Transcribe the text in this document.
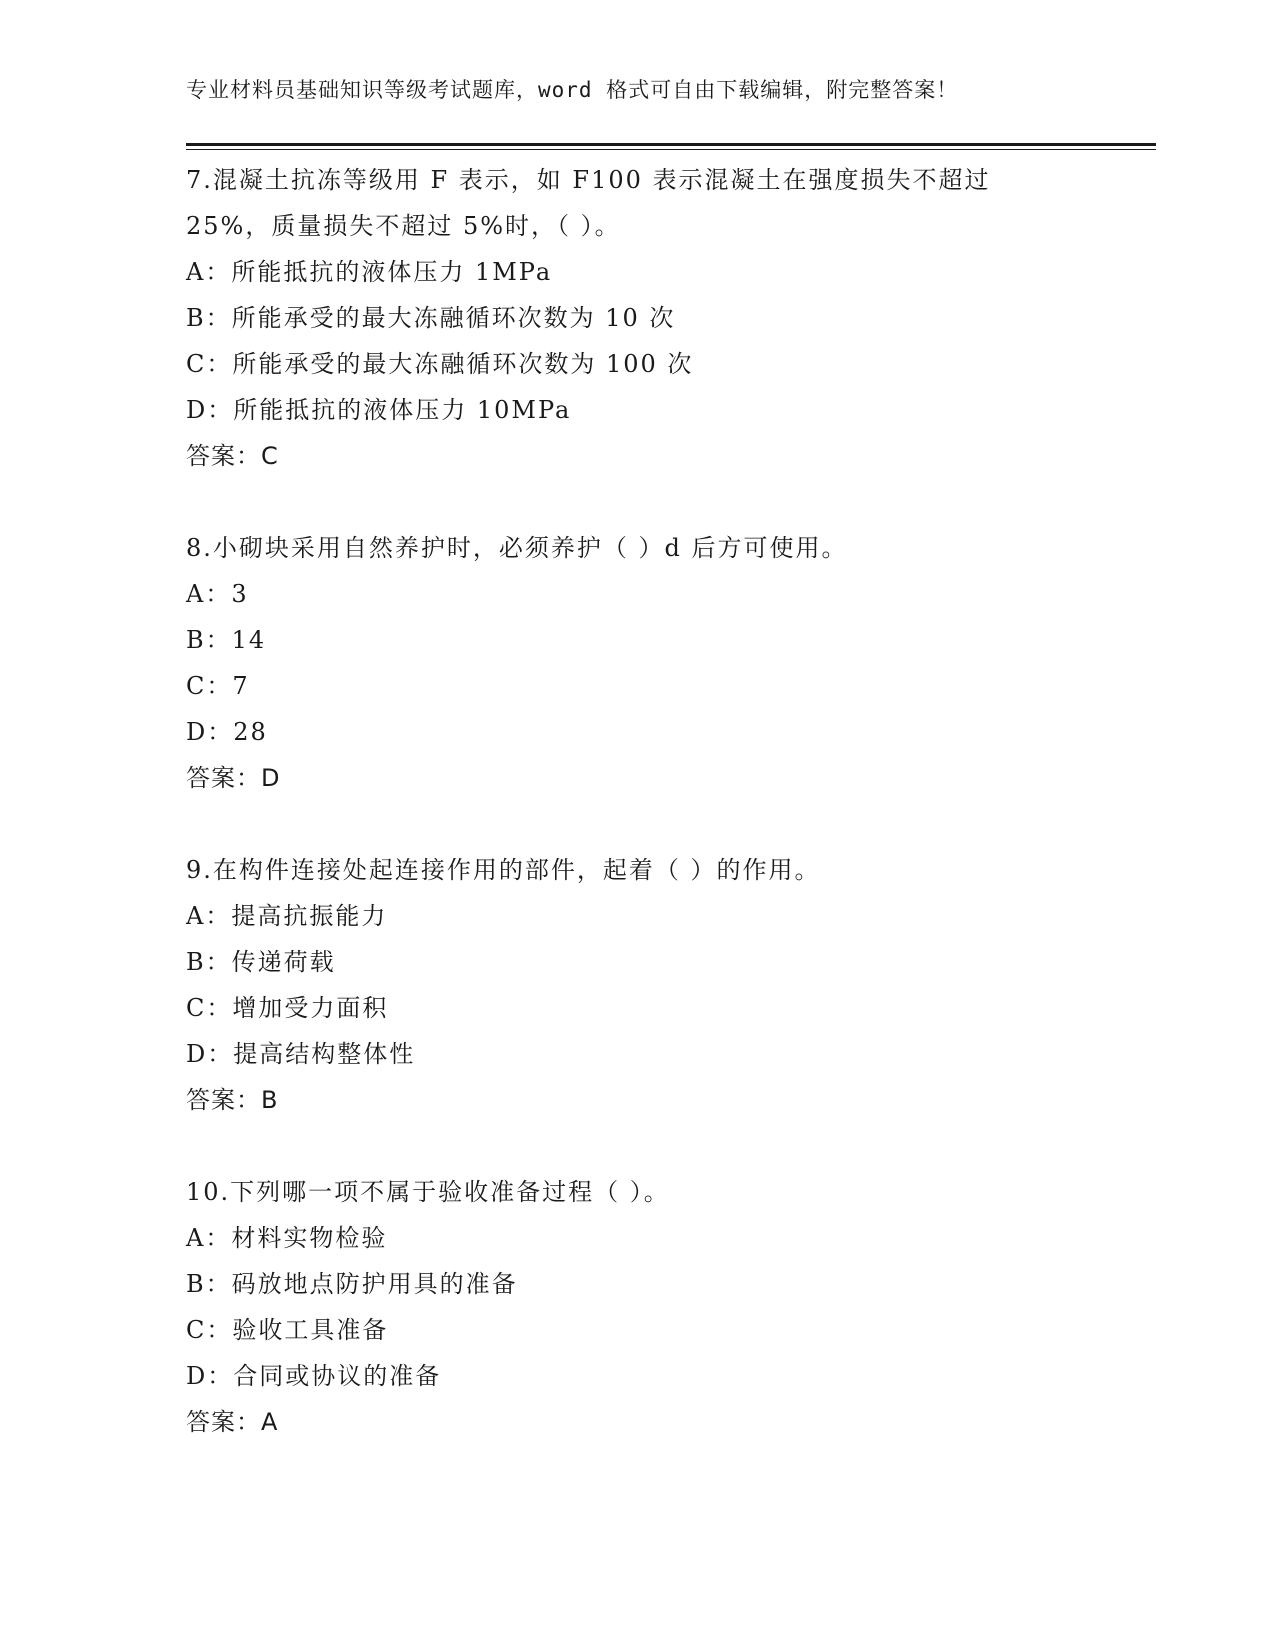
专业材料员基础知识等级考试题库，word 格式可自由下载编辑，附完整答案！
7.混凝土抗冻等级用 F 表示，如 F100 表示混凝土在强度损失不超过
25%，质量损失不超过 5%时，（ ）。
A：所能抵抗的液体压力 1MPa
B：所能承受的最大冻融循环次数为 10 次
C：所能承受的最大冻融循环次数为 100 次
D：所能抵抗的液体压力 10MPa
答案：C
8.小砌块采用自然养护时，必须养护（ ）d 后方可使用。
A：3
B：14
C：7
D：28
答案：D
9.在构件连接处起连接作用的部件，起着（ ）的作用。
A：提高抗振能力
B：传递荷载
C：增加受力面积
D：提高结构整体性
答案：B
10.下列哪一项不属于验收准备过程（ ）。
A：材料实物检验
B：码放地点防护用具的准备
C：验收工具准备
D：合同或协议的准备
答案：A
